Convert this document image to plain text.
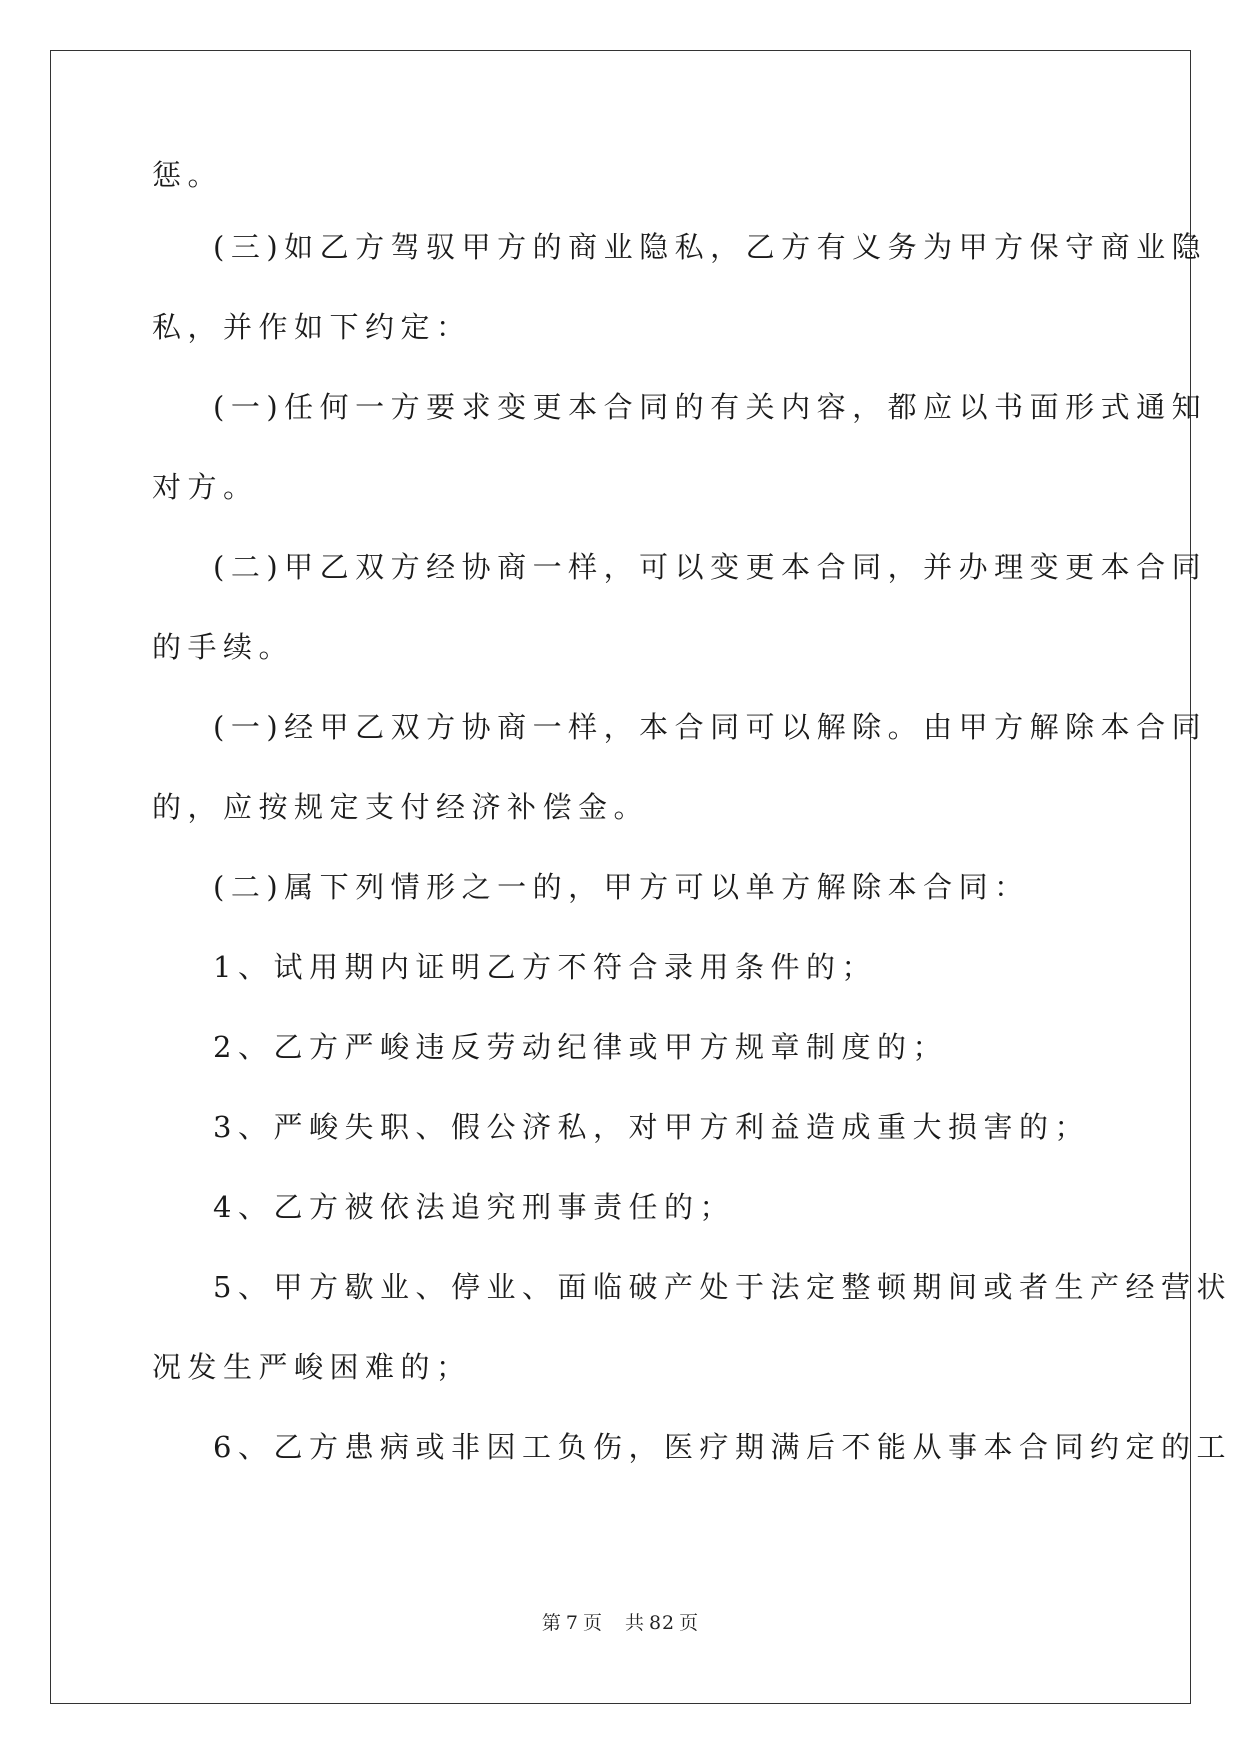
惩。
(三)如乙方驾驭甲方的商业隐私，乙方有义务为甲方保守商业隐
私，并作如下约定：
(一)任何一方要求变更本合同的有关内容，都应以书面形式通知
对方。
(二)甲乙双方经协商一样，可以变更本合同，并办理变更本合同
的手续。
(一)经甲乙双方协商一样，本合同可以解除。由甲方解除本合同
的，应按规定支付经济补偿金。
(二)属下列情形之一的，甲方可以单方解除本合同：
1、试用期内证明乙方不符合录用条件的；
2、乙方严峻违反劳动纪律或甲方规章制度的；
3、严峻失职、假公济私，对甲方利益造成重大损害的；
4、乙方被依法追究刑事责任的；
5、甲方歇业、停业、面临破产处于法定整顿期间或者生产经营状
况发生严峻困难的；
6、乙方患病或非因工负伤，医疗期满后不能从事本合同约定的工
第 7 页 共 82 页
